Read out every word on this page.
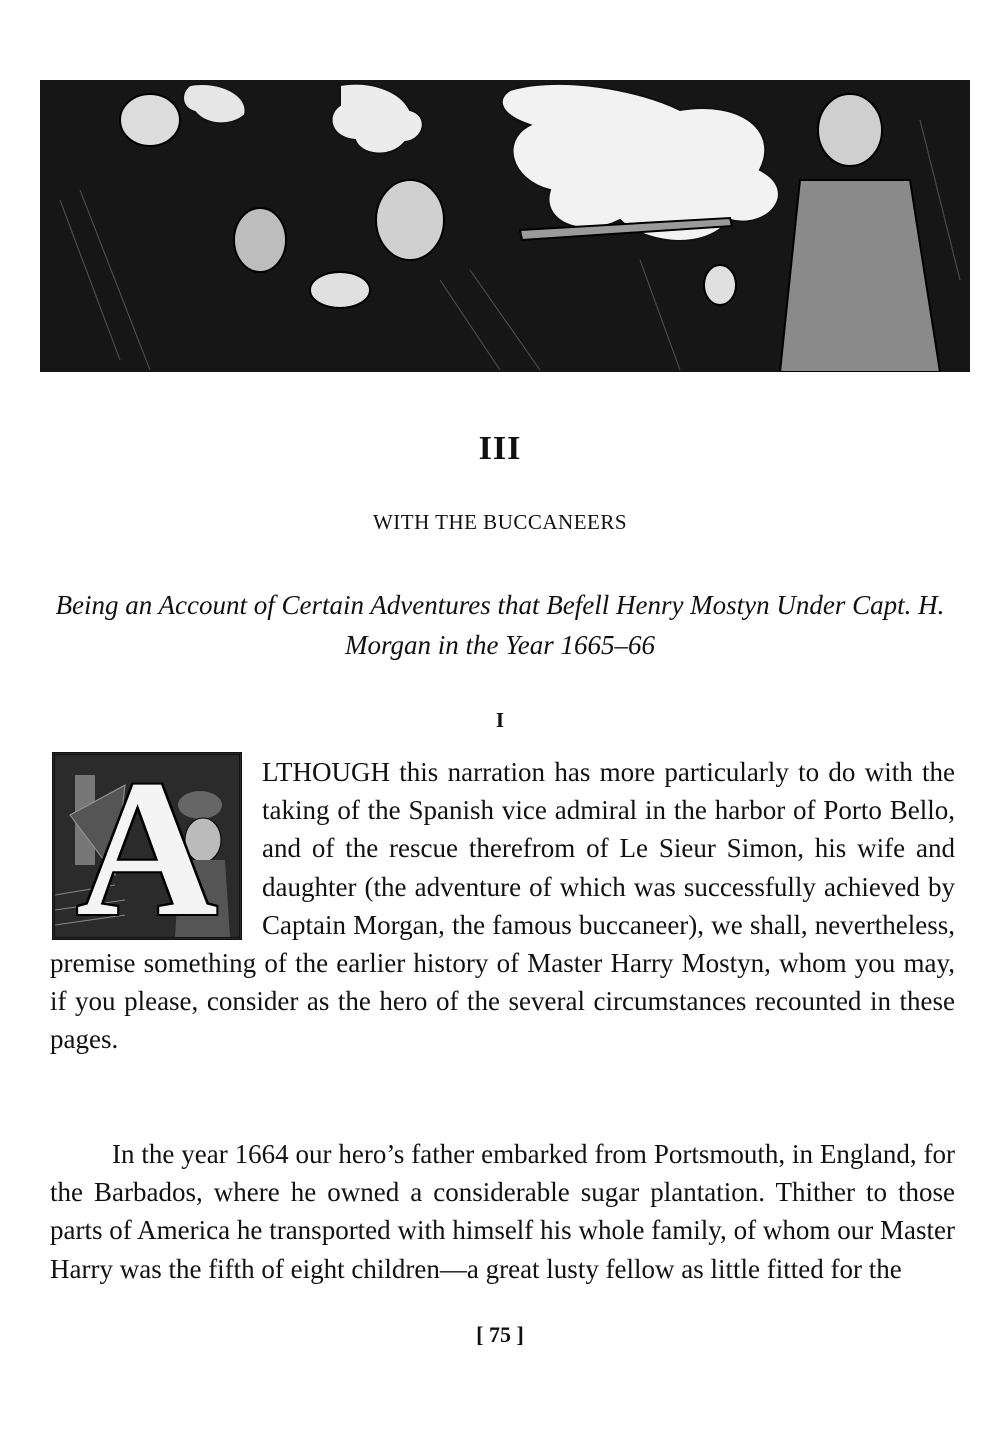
III
WITH THE BUCCANEERS
Being an Account of Certain Adventures that Befell Henry Mostyn Under Capt. H. Morgan in the Year 1665–66
I
A	LTHOUGH this narration has more particularly to do with the taking of the Spanish vice admiral in the harbor of Porto Bello, and of the rescue therefrom of Le Sieur Simon, his wife and daughter (the adventure of which was successfully achieved by Captain Morgan, the famous buccaneer), we shall, nevertheless, premise something of the earlier history of Master Harry Mostyn, whom you may, if you please, consider as the hero of the several circumstances recounted in these pages.

In the year 1664 our hero’s father embarked from Portsmouth, in England, for the Barbados, where he owned a considerable sugar plantation. Thither to those parts of America he transported with himself his whole family, of whom our Master Harry was the fifth of eight children—a great lusty fellow as little fitted for the

[ 75 ]
